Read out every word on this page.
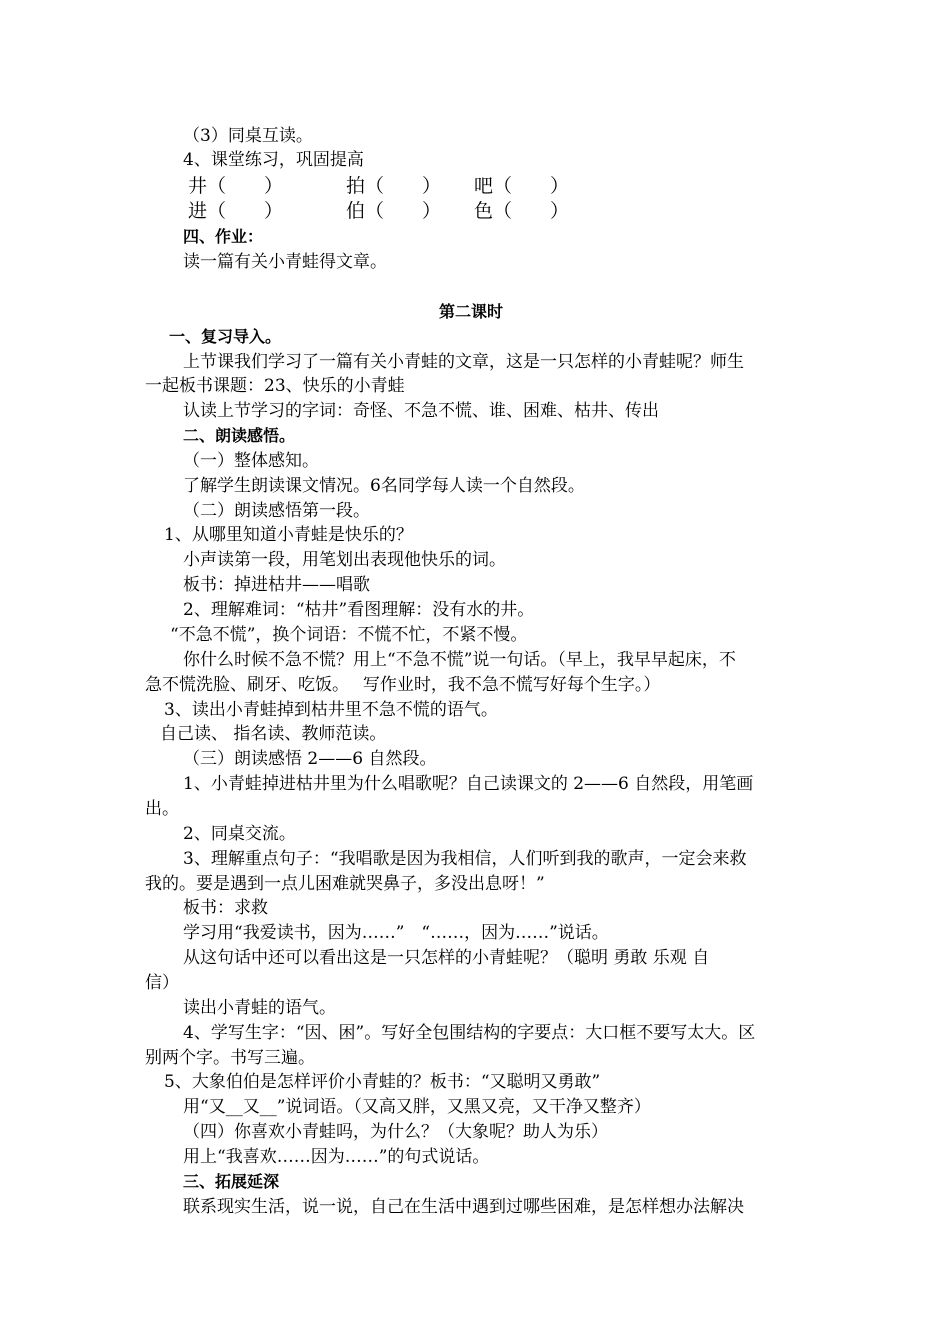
（3）同桌互读。
4、课堂练习，巩固提高
井（　　）	拍（　　） 吧（　　）
进（　　）	伯（　　） 色（　　）
四、作业：
读一篇有关小青蛙得文章。
第二课时
一、复习导入。
上节课我们学习了一篇有关小青蛙的文章，这是一只怎样的小青蛙呢？师生
一起板书课题：23、快乐的小青蛙
认读上节学习的字词：奇怪、不急不慌、谁、困难、枯井、传出
二、朗读感悟。
（一）整体感知。
了解学生朗读课文情况。6名同学每人读一个自然段。
（二）朗读感悟第一段。
1、从哪里知道小青蛙是快乐的？
小声读第一段，用笔划出表现他快乐的词。
板书：掉进枯井——唱歌
2、理解难词：“枯井”看图理解：没有水的井。
“不急不慌”，换个词语：不慌不忙，不紧不慢。
你什么时候不急不慌？用上“不急不慌”说一句话。（早上，我早早起床，不
急不慌洗脸、刷牙、吃饭。　 写作业时，我不急不慌写好每个生字。）
3、读出小青蛙掉到枯井里不急不慌的语气。
自己读、 指名读、教师范读。
（三）朗读感悟 2——6 自然段。
1、小青蛙掉进枯井里为什么唱歌呢？自己读课文的 2——6 自然段，用笔画
出。
2、同桌交流。
3、理解重点句子：“我唱歌是因为我相信，人们听到我的歌声，一定会来救
我的。要是遇到一点儿困难就哭鼻子，多没出息呀！”
板书：求救
学习用“我爱读书，因为……”　“……，因为……”说话。
从这句话中还可以看出这是一只怎样的小青蛙呢？（聪明 勇敢 乐观 自
信）
读出小青蛙的语气。
4、学写生字：“因、困”。写好全包围结构的字要点：大口框不要写太大。区
别两个字。书写三遍。
5、大象伯伯是怎样评价小青蛙的？板书：“又聪明又勇敢”
用“又__又__”说词语。（又高又胖，又黑又亮，又干净又整齐）
（四）你喜欢小青蛙吗，为什么？（大象呢？助人为乐）
用上“我喜欢……因为……”的句式说话。
三、拓展延深
联系现实生活，说一说，自己在生活中遇到过哪些困难，是怎样想办法解决
